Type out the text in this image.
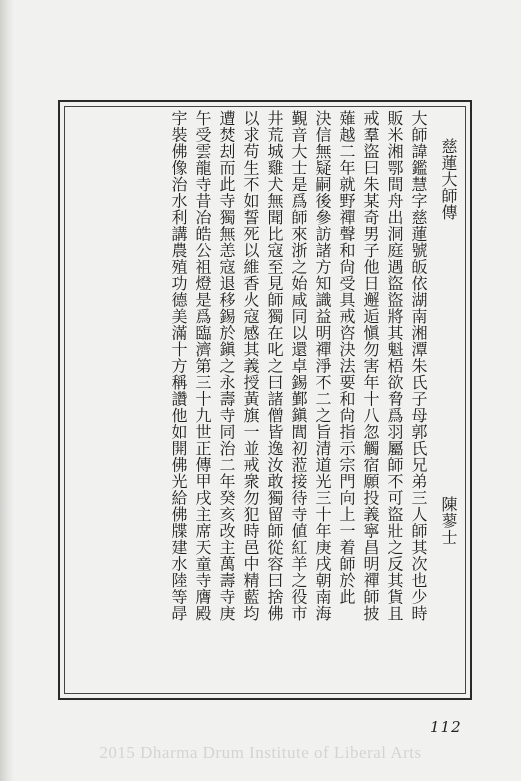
慈蓮大師傳 陳蓼士
大師諱鑑慧字慈蓮號皈依湖南湘潭朱氏子母郭氏兄弟三人師其次也少時
販米湘鄂間舟出洞庭遇盜盜將其魁梧欲脅爲羽屬師不可盜壯之反其貨且
戒羣盜曰朱某奇男子他日邂逅愼勿害年十八忽觸宿願投義寧昌明禪師披
薙越二年就野禪聲和尙受具戒咨決法要和尙指示宗門向上一着師於此
決信無疑嗣後參訪諸方知識益明禪淨不二之旨清道光三十年庚戌朝南海
覲音大士是爲師來浙之始咸同以還卓錫鄞鎭閭初蒞接待寺値紅羊之役市
井荒城雞犬無聞比寇至見師獨在叱之曰諸僧皆逸汝敢獨留師從容曰捨佛
以求苟生不如誓死以維香火寇感其義授黃旗一並戒衆勿犯時邑中精藍均
遭焚刦而此寺獨無恙寇退移錫於鎭之永壽寺同治二年癸亥改主萬壽寺庚
午受雲龍寺昔冶皓公祖燈是爲臨濟第三十九世正傳甲戌主席天童寺膺殿
宇裝佛像治水利講農殖功德美滿十方稱讚他如開佛光給佛牒建水陸等冔
112
2015 Dharma Drum Institute of Liberal Arts
